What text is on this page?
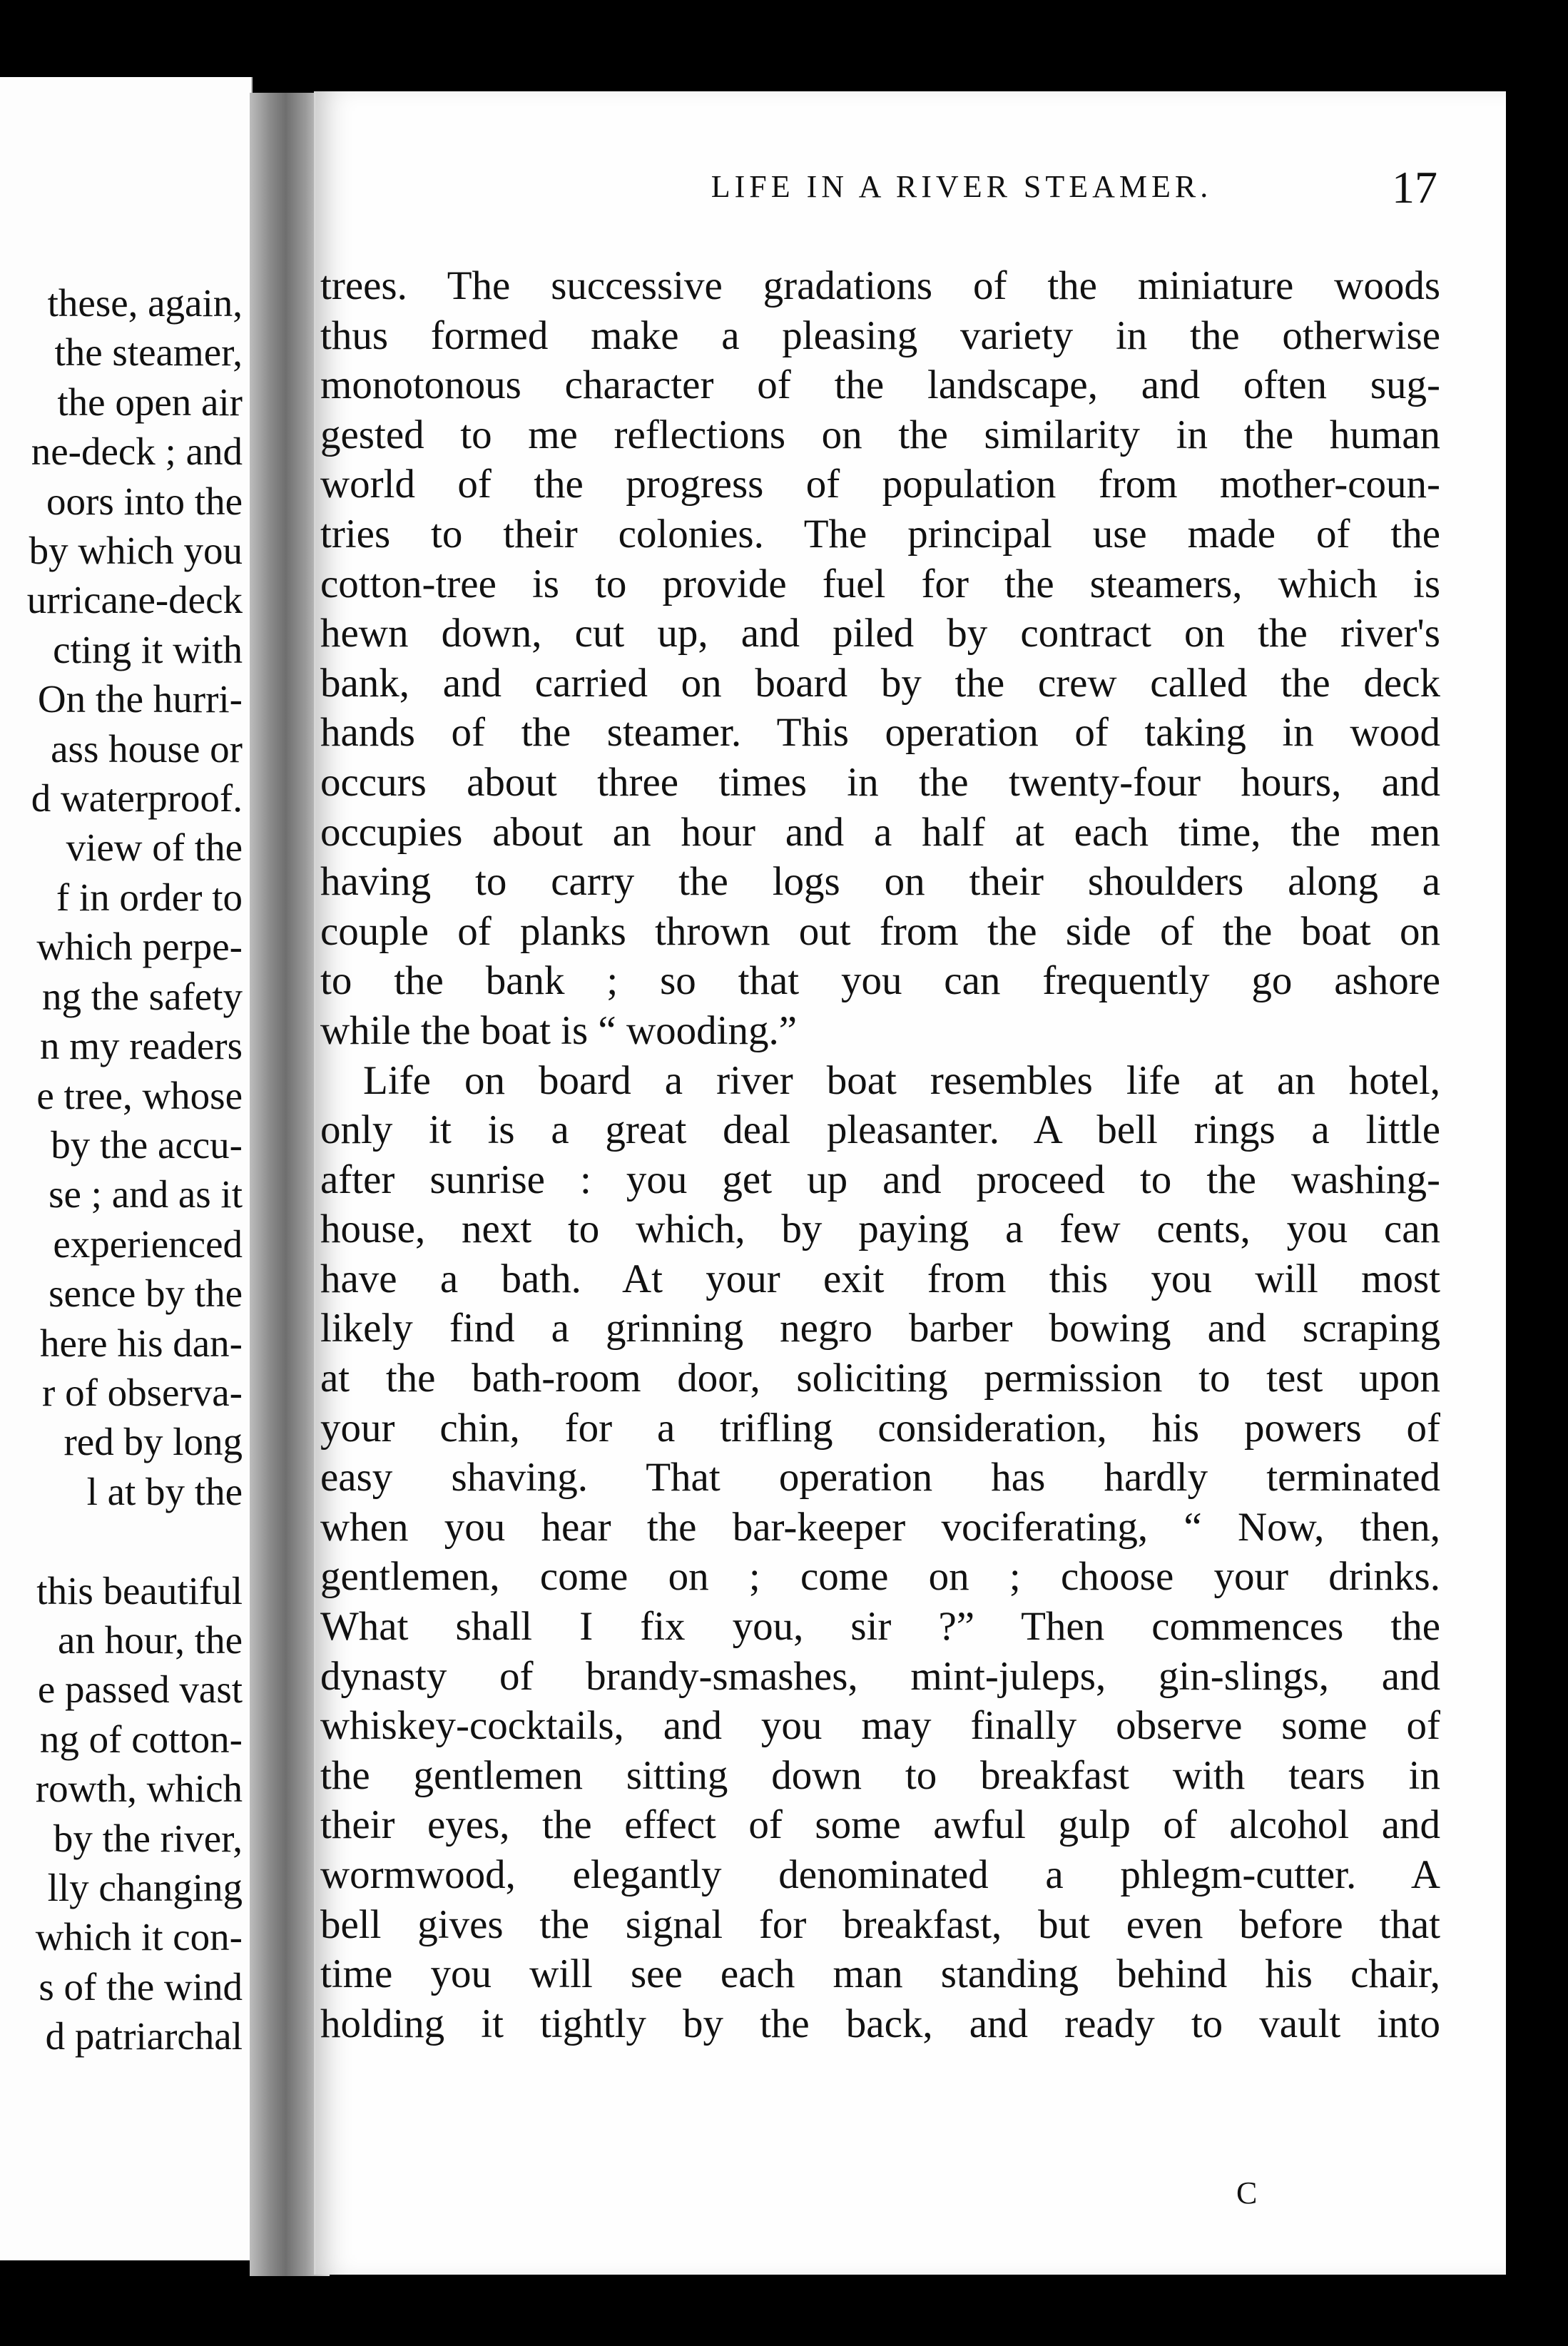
these, again,
the steamer,
the open air
ne-deck ; and
oors into the
by which you
urricane-deck
cting it with
On the hurri-
ass house or
d waterproof.
view of the
f in order to
which perpe-
ng the safety
n my readers
e tree, whose
by the accu-
se ; and as it
experienced
sence by the
here his dan-
r of observa-
red by long
l at by the

this beautiful
an hour, the
e passed vast
ng of cotton-
rowth, which
by the river,
lly changing
which it con-
s of the wind
d patriarchal
LIFE IN A RIVER STEAMER.	17
trees. The successive gradations of the miniature woods
thus formed make a pleasing variety in the otherwise
monotonous character of the landscape, and often sug-
gested to me reflections on the similarity in the human
world of the progress of population from mother-coun-
tries to their colonies. The principal use made of the
cotton-tree is to provide fuel for the steamers, which is
hewn down, cut up, and piled by contract on the river's
bank, and carried on board by the crew called the deck
hands of the steamer. This operation of taking in wood
occurs about three times in the twenty-four hours, and
occupies about an hour and a half at each time, the men
having to carry the logs on their shoulders along a
couple of planks thrown out from the side of the boat on
to the bank ; so that you can frequently go ashore
while the boat is “ wooding.”
Life on board a river boat resembles life at an hotel,
only it is a great deal pleasanter. A bell rings a little
after sunrise : you get up and proceed to the washing-
house, next to which, by paying a few cents, you can
have a bath. At your exit from this you will most
likely find a grinning negro barber bowing and scraping
at the bath-room door, soliciting permission to test upon
your chin, for a trifling consideration, his powers of
easy shaving. That operation has hardly terminated
when you hear the bar-keeper vociferating, “ Now, then,
gentlemen, come on ; come on ; choose your drinks.
What shall I fix you, sir ?” Then commences the
dynasty of brandy-smashes, mint-juleps, gin-slings, and
whiskey-cocktails, and you may finally observe some of
the gentlemen sitting down to breakfast with tears in
their eyes, the effect of some awful gulp of alcohol and
wormwood, elegantly denominated a phlegm-cutter. A
bell gives the signal for breakfast, but even before that
time you will see each man standing behind his chair,
holding it tightly by the back, and ready to vault into
C
